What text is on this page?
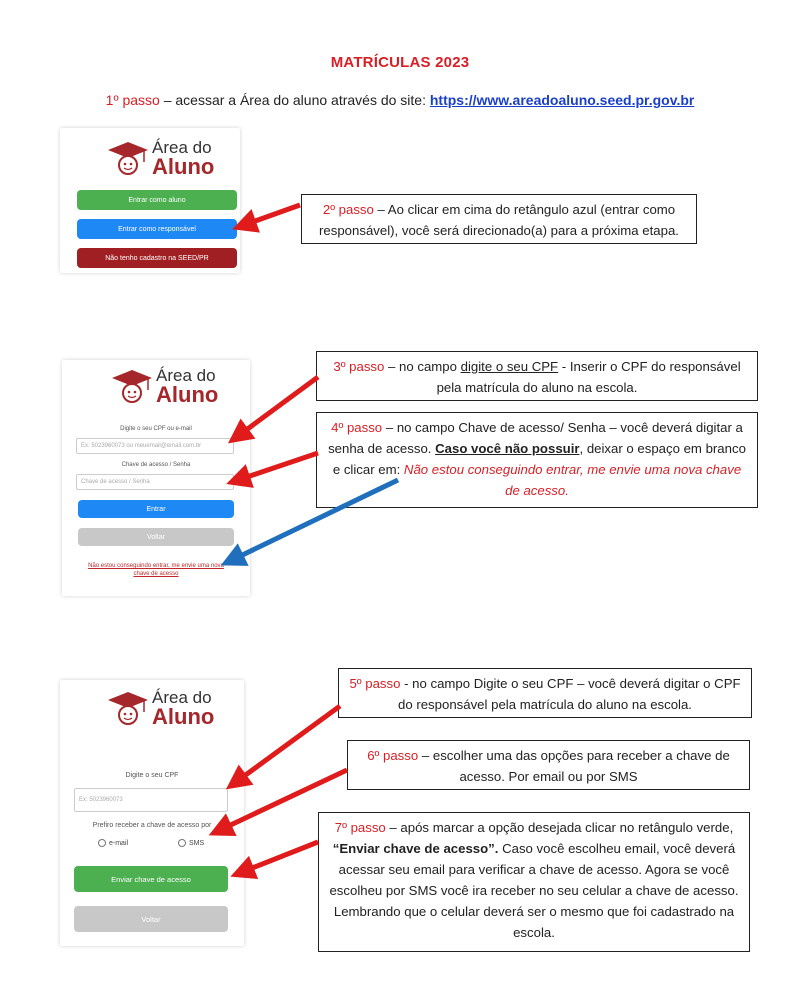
MATRÍCULAS 2023
1º passo – acessar a Área do aluno através do site: https://www.areadoaluno.seed.pr.gov.br
Área do
Aluno
Entrar como aluno
Entrar como responsável
Não tenho cadastro na SEED/PR
Área do
Aluno
Digite o seu CPF ou e-mail
Ex: 5023960073 ou meuemail@email.com.br
Chave de acesso / Senha
Chave de acesso / Senha
Entrar
Voltar
Não estou conseguindo entrar, me envie uma nova chave de acesso
Área do
Aluno
Digite o seu CPF
Ex: 5023960073
Prefiro receber a chave de acesso por
e-mail	SMS
Enviar chave de acesso
Voltar
2º passo – Ao clicar em cima do retângulo azul (entrar como responsável), você será direcionado(a) para a próxima etapa.
3º passo – no campo digite o seu CPF - Inserir o CPF do responsável pela matrícula do aluno na escola.
4º passo – no campo Chave de acesso/ Senha – você deverá digitar a senha de acesso. Caso você não possuir, deixar o espaço em branco e clicar em: Não estou conseguindo entrar, me envie uma nova chave de acesso.
5º passo - no campo Digite o seu CPF – você deverá digitar o CPF do responsável pela matrícula do aluno na escola.
6º passo – escolher uma das opções para receber a chave de acesso. Por email ou por SMS
7º passo – após marcar a opção desejada clicar no retângulo verde, “Enviar chave de acesso”. Caso você escolheu email, você deverá acessar seu email para verificar a chave de acesso. Agora se você escolheu por SMS você ira receber no seu celular a chave de acesso. Lembrando que o celular deverá ser o mesmo que foi cadastrado na escola.
